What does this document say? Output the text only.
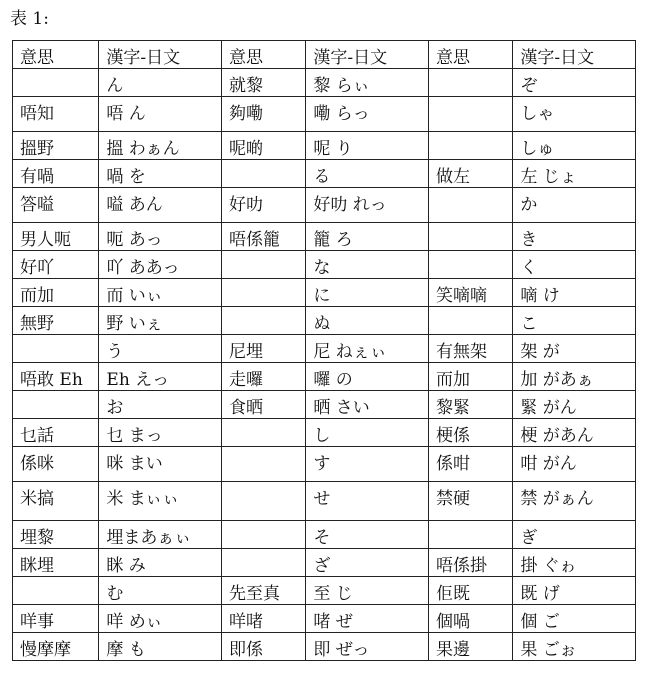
表 1:
意思	漢字-日文	意思	漢字-日文	意思	漢字-日文
	ん	就黎	黎 らぃ		ぞ
唔知	唔 ん	夠嘞	嘞 らっ		しゃ
搵野	搵 わぁん	呢啲	呢 り		しゅ
有喎	喎 を		る	做左	左 じょ
答嗌	嗌 あん	好叻	好叻 れっ		か
男人呃	呃 あっ	唔係籠	籠 ろ		き
好吖	吖 ああっ		な		く
而加	而 いぃ		に	笑嘀嘀	嘀 け
無野	野 いぇ		ぬ		こ
	う	尼埋	尼 ねぇぃ	有無架	架 が
唔敢 Eh	Eh えっ	走囉	囉 の	而加	加 があぁ
	お	食晒	晒 さい	黎緊	緊 がん
乜話	乜 まっ		し	梗係	梗 があん
係咪	咪 まい		す	係咁	咁 がん
米搞	米 まぃぃ		せ	禁硬	禁 がぁん
埋黎	埋まあぁぃ		そ		ぎ
眯埋	眯 み		ざ	唔係掛	掛 ぐゎ
	む	先至真	至 じ	佢既	既 げ
咩事	咩 めぃ	咩啫	啫 ぜ	個喎	個 ご
慢摩摩	摩 も	即係	即 ぜっ	果邊	果 ごぉ
